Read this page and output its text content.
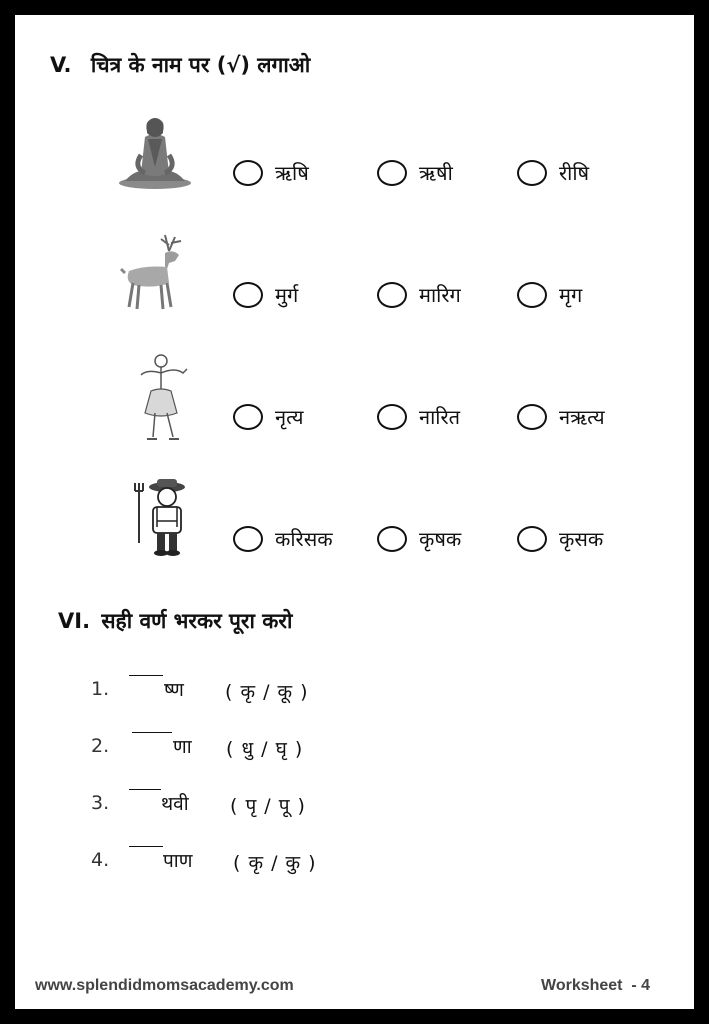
V. चित्र के नाम पर (√) लगाओ
ऋषि	ऋषी	रीषि
मुर्ग	मारिग	मृग
नृत्य	नारित	नऋत्य
करिसक	कृषक	कृसक
VI. सही वर्ण भरकर पूरा करो
1.	ष्ण ( कृ / कू )
2.	णा ( धु / घृ )
3.	थवी ( पृ / पू )
4.	पाण ( कृ / कु )
www.splendidmomsacademy.com	Worksheet  - 4
